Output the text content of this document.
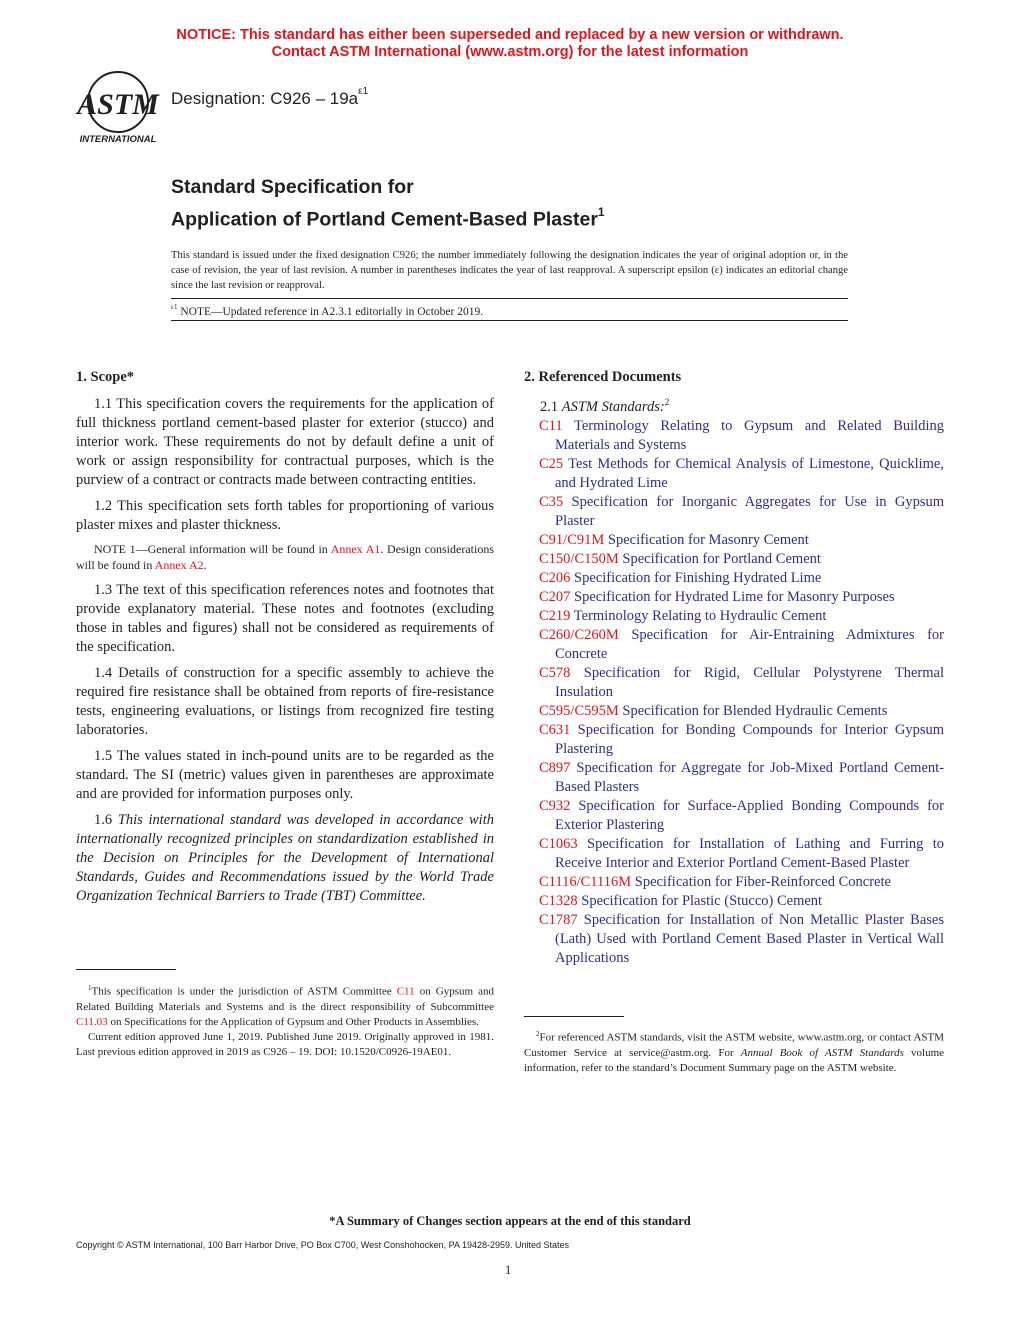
NOTICE: This standard has either been superseded and replaced by a new version or withdrawn.
Contact ASTM International (www.astm.org) for the latest information
ASTM
INTERNATIONAL
Designation: $C926 - 19a^{\varepsilon 1}$
Standard Specification for
Application of Portland Cement-Based Plaster$^1$
This standard is issued under the fixed designation C926; the number immediately following the designation indicates the year of original adoption or, in the case of revision, the year of last revision. A number in parentheses indicates the year of last reapproval. A superscript epsilon (ε) indicates an editorial change since the last revision or reapproval.
$^{\varepsilon 1}$ NOTE—Updated reference in A2.3.1 editorially in October 2019.

1. Scope*

1.1 This specification covers the requirements for the application of full thickness portland cement-based plaster for exterior (stucco) and interior work. These requirements do not by default define a unit of work or assign responsibility for contractual purposes, which is the purview of a contract or contracts made between contracting entities.

1.2 This specification sets forth tables for proportioning of various plaster mixes and plaster thickness.

NOTE 1—General information will be found in Annex A1. Design considerations will be found in Annex A2.

1.3 The text of this specification references notes and footnotes that provide explanatory material. These notes and footnotes (excluding those in tables and figures) shall not be considered as requirements of the specification.

1.4 Details of construction for a specific assembly to achieve the required fire resistance shall be obtained from reports of fire-resistance tests, engineering evaluations, or listings from recognized fire testing laboratories.

1.5 The values stated in inch-pound units are to be regarded as the standard. The SI (metric) values given in parentheses are approximate and are provided for information purposes only.

1.6 This international standard was developed in accordance with internationally recognized principles on standardization established in the Decision on Principles for the Development of International Standards, Guides and Recommendations issued by the World Trade Organization Technical Barriers to Trade (TBT) Committee.

$^1$This specification is under the jurisdiction of ASTM Committee C11 on Gypsum and Related Building Materials and Systems and is the direct responsibility of Subcommittee C11.03 on Specifications for the Application of Gypsum and Other Products in Assemblies.
Current edition approved June 1, 2019. Published June 2019. Originally approved in 1981. Last previous edition approved in 2019 as C926 – 19. DOI: 10.1520/C0926-19AE01.

2. Referenced Documents

2.1 ASTM Standards:$^2$

C11 Terminology Relating to Gypsum and Related Building Materials and Systems

C25 Test Methods for Chemical Analysis of Limestone, Quicklime, and Hydrated Lime

C35 Specification for Inorganic Aggregates for Use in Gypsum Plaster

C91/C91M Specification for Masonry Cement

C150/C150M Specification for Portland Cement

C206 Specification for Finishing Hydrated Lime

C207 Specification for Hydrated Lime for Masonry Purposes

C219 Terminology Relating to Hydraulic Cement

C260/C260M Specification for Air-Entraining Admixtures for Concrete

C578 Specification for Rigid, Cellular Polystyrene Thermal Insulation

C595/C595M Specification for Blended Hydraulic Cements

C631 Specification for Bonding Compounds for Interior Gypsum Plastering

C897 Specification for Aggregate for Job-Mixed Portland Cement-Based Plasters

C932 Specification for Surface-Applied Bonding Compounds for Exterior Plastering

C1063 Specification for Installation of Lathing and Furring to Receive Interior and Exterior Portland Cement-Based Plaster

C1116/C1116M Specification for Fiber-Reinforced Concrete

C1328 Specification for Plastic (Stucco) Cement

C1787 Specification for Installation of Non Metallic Plaster Bases (Lath) Used with Portland Cement Based Plaster in Vertical Wall Applications

$^2$For referenced ASTM standards, visit the ASTM website, www.astm.org, or contact ASTM Customer Service at service@astm.org. For Annual Book of ASTM Standards volume information, refer to the standard’s Document Summary page on the ASTM website.
*A Summary of Changes section appears at the end of this standard
Copyright © ASTM International, 100 Barr Harbor Drive, PO Box C700, West Conshohocken, PA 19428-2959. United States
1
